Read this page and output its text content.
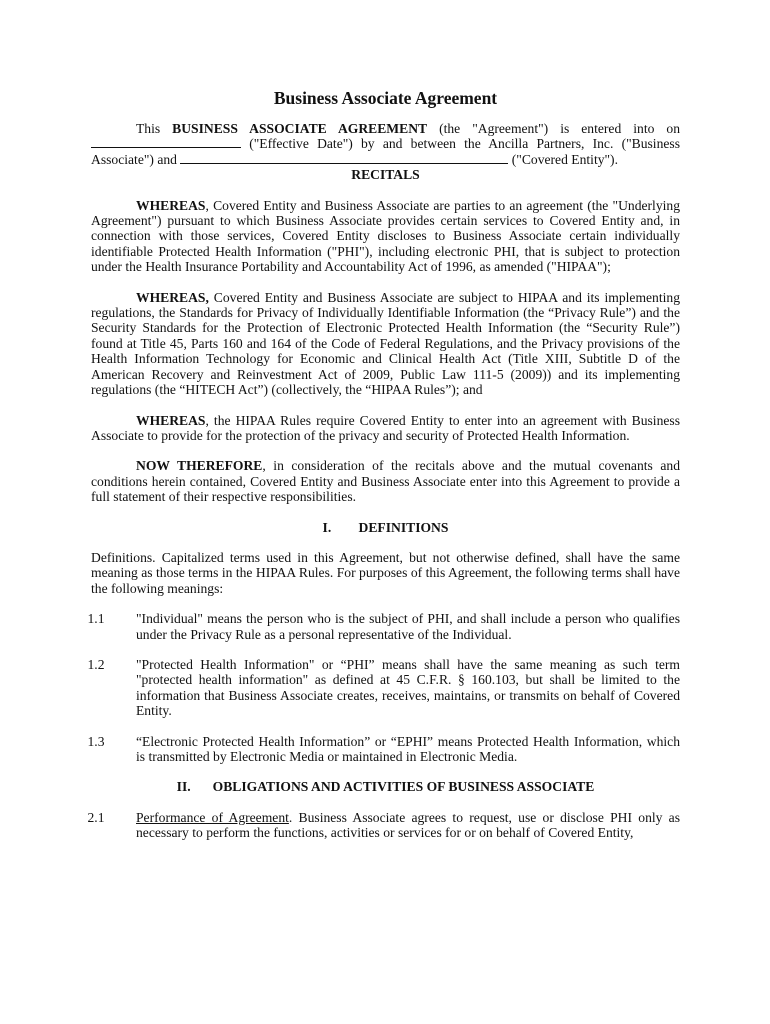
Business Associate Agreement

This BUSINESS ASSOCIATE AGREEMENT (the "Agreement") is entered into on  ("Effective Date") by and between the Ancilla Partners, Inc. ("Business Associate") and	("Covered Entity").

RECITALS

WHEREAS, Covered Entity and Business Associate are parties to an agreement (the "Underlying Agreement") pursuant to which Business Associate provides certain services to Covered Entity and, in connection with those services, Covered Entity discloses to Business Associate certain individually identifiable Protected Health Information ("PHI"), including electronic PHI, that is subject to protection under the Health Insurance Portability and Accountability Act of 1996, as amended ("HIPAA");

WHEREAS, Covered Entity and Business Associate are subject to HIPAA and its implementing regulations, the Standards for Privacy of Individually Identifiable Information (the “Privacy Rule”) and the Security Standards for the Protection of Electronic Protected Health Information (the “Security Rule”) found at Title 45, Parts 160 and 164 of the Code of Federal Regulations, and the Privacy provisions of the Health Information Technology for Economic and Clinical Health Act (Title XIII, Subtitle D of the American Recovery and Reinvestment Act of 2009, Public Law 111-5 (2009)) and its implementing regulations (the “HITECH Act”) (collectively, the “HIPAA Rules”); and

WHEREAS, the HIPAA Rules require Covered Entity to enter into an agreement with Business Associate to provide for the protection of the privacy and security of Protected Health Information.

NOW THEREFORE, in consideration of the recitals above and the mutual covenants and conditions herein contained, Covered Entity and Business Associate enter into this Agreement to provide a full statement of their respective responsibilities.

I. DEFINITIONS

Definitions. Capitalized terms used in this Agreement, but not otherwise defined, shall have the same meaning as those terms in the HIPAA Rules. For purposes of this Agreement, the following terms shall have the following meanings:

1.1	"Individual" means the person who is the subject of PHI, and shall include a person who qualifies under the Privacy Rule as a personal representative of the Individual.
1.2	"Protected Health Information" or “PHI” means shall have the same meaning as such term "protected health information" as defined at 45 C.F.R. § 160.103, but shall be limited to the information that Business Associate creates, receives, maintains, or transmits on behalf of Covered Entity.
1.3	“Electronic Protected Health Information” or “EPHI” means Protected Health Information, which is transmitted by Electronic Media or maintained in Electronic Media.
II. OBLIGATIONS AND ACTIVITIES OF BUSINESS ASSOCIATE
2.1	Performance of Agreement. Business Associate agrees to request, use or disclose PHI only as necessary to perform the functions, activities or services for or on behalf of Covered Entity,
